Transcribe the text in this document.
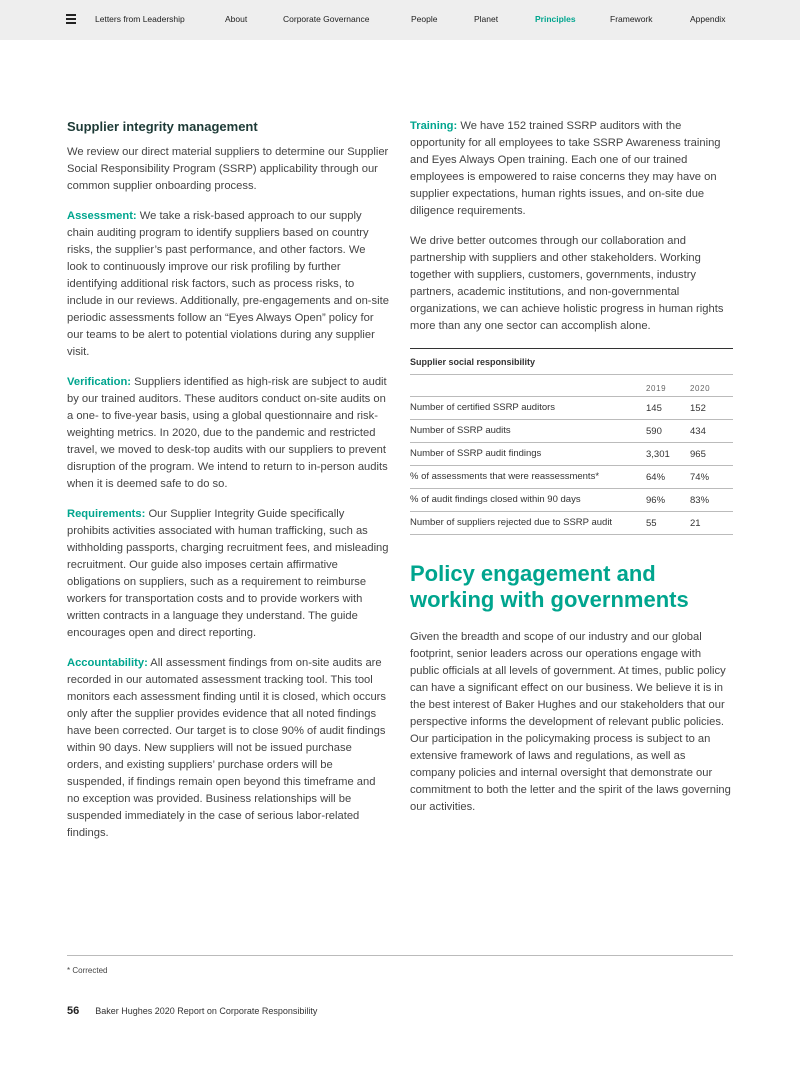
Letters from Leadership	About	Corporate Governance	People	Planet	Principles	Framework	Appendix
Supplier integrity management

We review our direct material suppliers to determine our Supplier Social Responsibility Program (SSRP) applicability through our common supplier onboarding process.

Assessment: We take a risk-based approach to our supply chain auditing program to identify suppliers based on country risks, the supplier’s past performance, and other factors. We look to continuously improve our risk profiling by further identifying additional risk factors, such as process risks, to include in our reviews. Additionally, pre-engagements and on-site periodic assessments follow an “Eyes Always Open” policy for our teams to be alert to potential violations during any supplier visit.

Verification: Suppliers identified as high-risk are subject to audit by our trained auditors. These auditors conduct on-site audits on a one- to five-year basis, using a global questionnaire and risk-weighting metrics. In 2020, due to the pandemic and restricted travel, we moved to desk-top audits with our suppliers to prevent disruption of the program. We intend to return to in-person audits when it is deemed safe to do so.

Requirements: Our Supplier Integrity Guide specifically prohibits activities associated with human trafficking, such as withholding passports, charging recruitment fees, and misleading recruitment. Our guide also imposes certain affirmative obligations on suppliers, such as a requirement to reimburse workers for transportation costs and to provide workers with written contracts in a language they understand. The guide encourages open and direct reporting.

Accountability: All assessment findings from on-site audits are recorded in our automated assessment tracking tool. This tool monitors each assessment finding until it is closed, which occurs only after the supplier provides evidence that all noted findings have been corrected. Our target is to close 90% of audit findings within 90 days. New suppliers will not be issued purchase orders, and existing suppliers’ purchase orders will be suspended, if findings remain open beyond this timeframe and no exception was provided. Business relationships will be suspended immediately in the case of serious labor-related findings.

Training: We have 152 trained SSRP auditors with the opportunity for all employees to take SSRP Awareness training and Eyes Always Open training. Each one of our trained employees is empowered to raise concerns they may have on supplier expectations, human rights issues, and on-site due diligence requirements.

We drive better outcomes through our collaboration and partnership with suppliers and other stakeholders. Working together with suppliers, customers, governments, industry partners, academic institutions, and non-governmental organizations, we can achieve holistic progress in human rights more than any one sector can accomplish alone.

Supplier social responsibility
2019	2020
Number of certified SSRP auditors	145	152
Number of SSRP audits	590	434
Number of SSRP audit findings	3,301	965
% of assessments that were reassessments*	64%	74%
% of audit findings closed within 90 days	96%	83%
Number of suppliers rejected due to SSRP audit	55	21
Policy engagement and working with governments

Given the breadth and scope of our industry and our global footprint, senior leaders across our operations engage with public officials at all levels of government. At times, public policy can have a significant effect on our business. We believe it is in the best interest of Baker Hughes and our stakeholders that our perspective informs the development of relevant public policies. Our participation in the policymaking process is subject to an extensive framework of laws and regulations, as well as company policies and internal oversight that demonstrate our commitment to both the letter and the spirit of the laws governing our activities.

* Corrected
56 Baker Hughes 2020 Report on Corporate Responsibility
